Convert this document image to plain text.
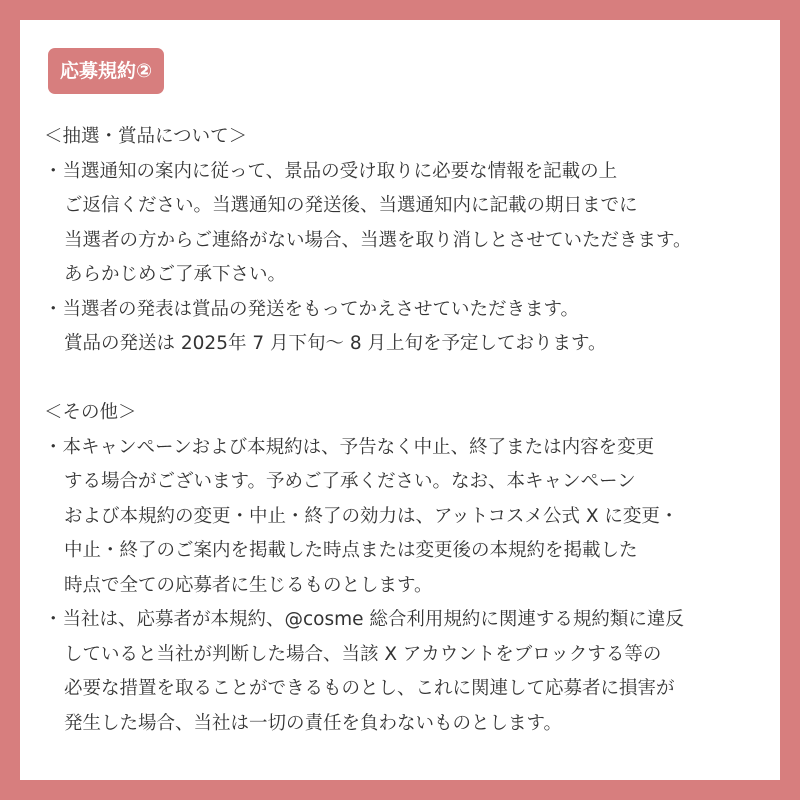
応募規約②
＜抽選・賞品について＞
・当選通知の案内に従って、景品の受け取りに必要な情報を記載の上
ご返信ください。当選通知の発送後、当選通知内に記載の期日までに
当選者の方からご連絡がない場合、当選を取り消しとさせていただきます。
あらかじめご了承下さい。
・当選者の発表は賞品の発送をもってかえさせていただきます。
賞品の発送は 2025年 7 月下旬～ 8 月上旬を予定しております。
＜その他＞
・本キャンペーンおよび本規約は、予告なく中止、終了または内容を変更
する場合がございます。予めご了承ください。なお、本キャンペーン
および本規約の変更・中止・終了の効力は、アットコスメ公式 X に変更・
中止・終了のご案内を掲載した時点または変更後の本規約を掲載した
時点で全ての応募者に生じるものとします。
・当社は、応募者が本規約、@cosme 総合利用規約に関連する規約類に違反
していると当社が判断した場合、当該 X アカウントをブロックする等の
必要な措置を取ることができるものとし、これに関連して応募者に損害が
発生した場合、当社は一切の責任を負わないものとします。
